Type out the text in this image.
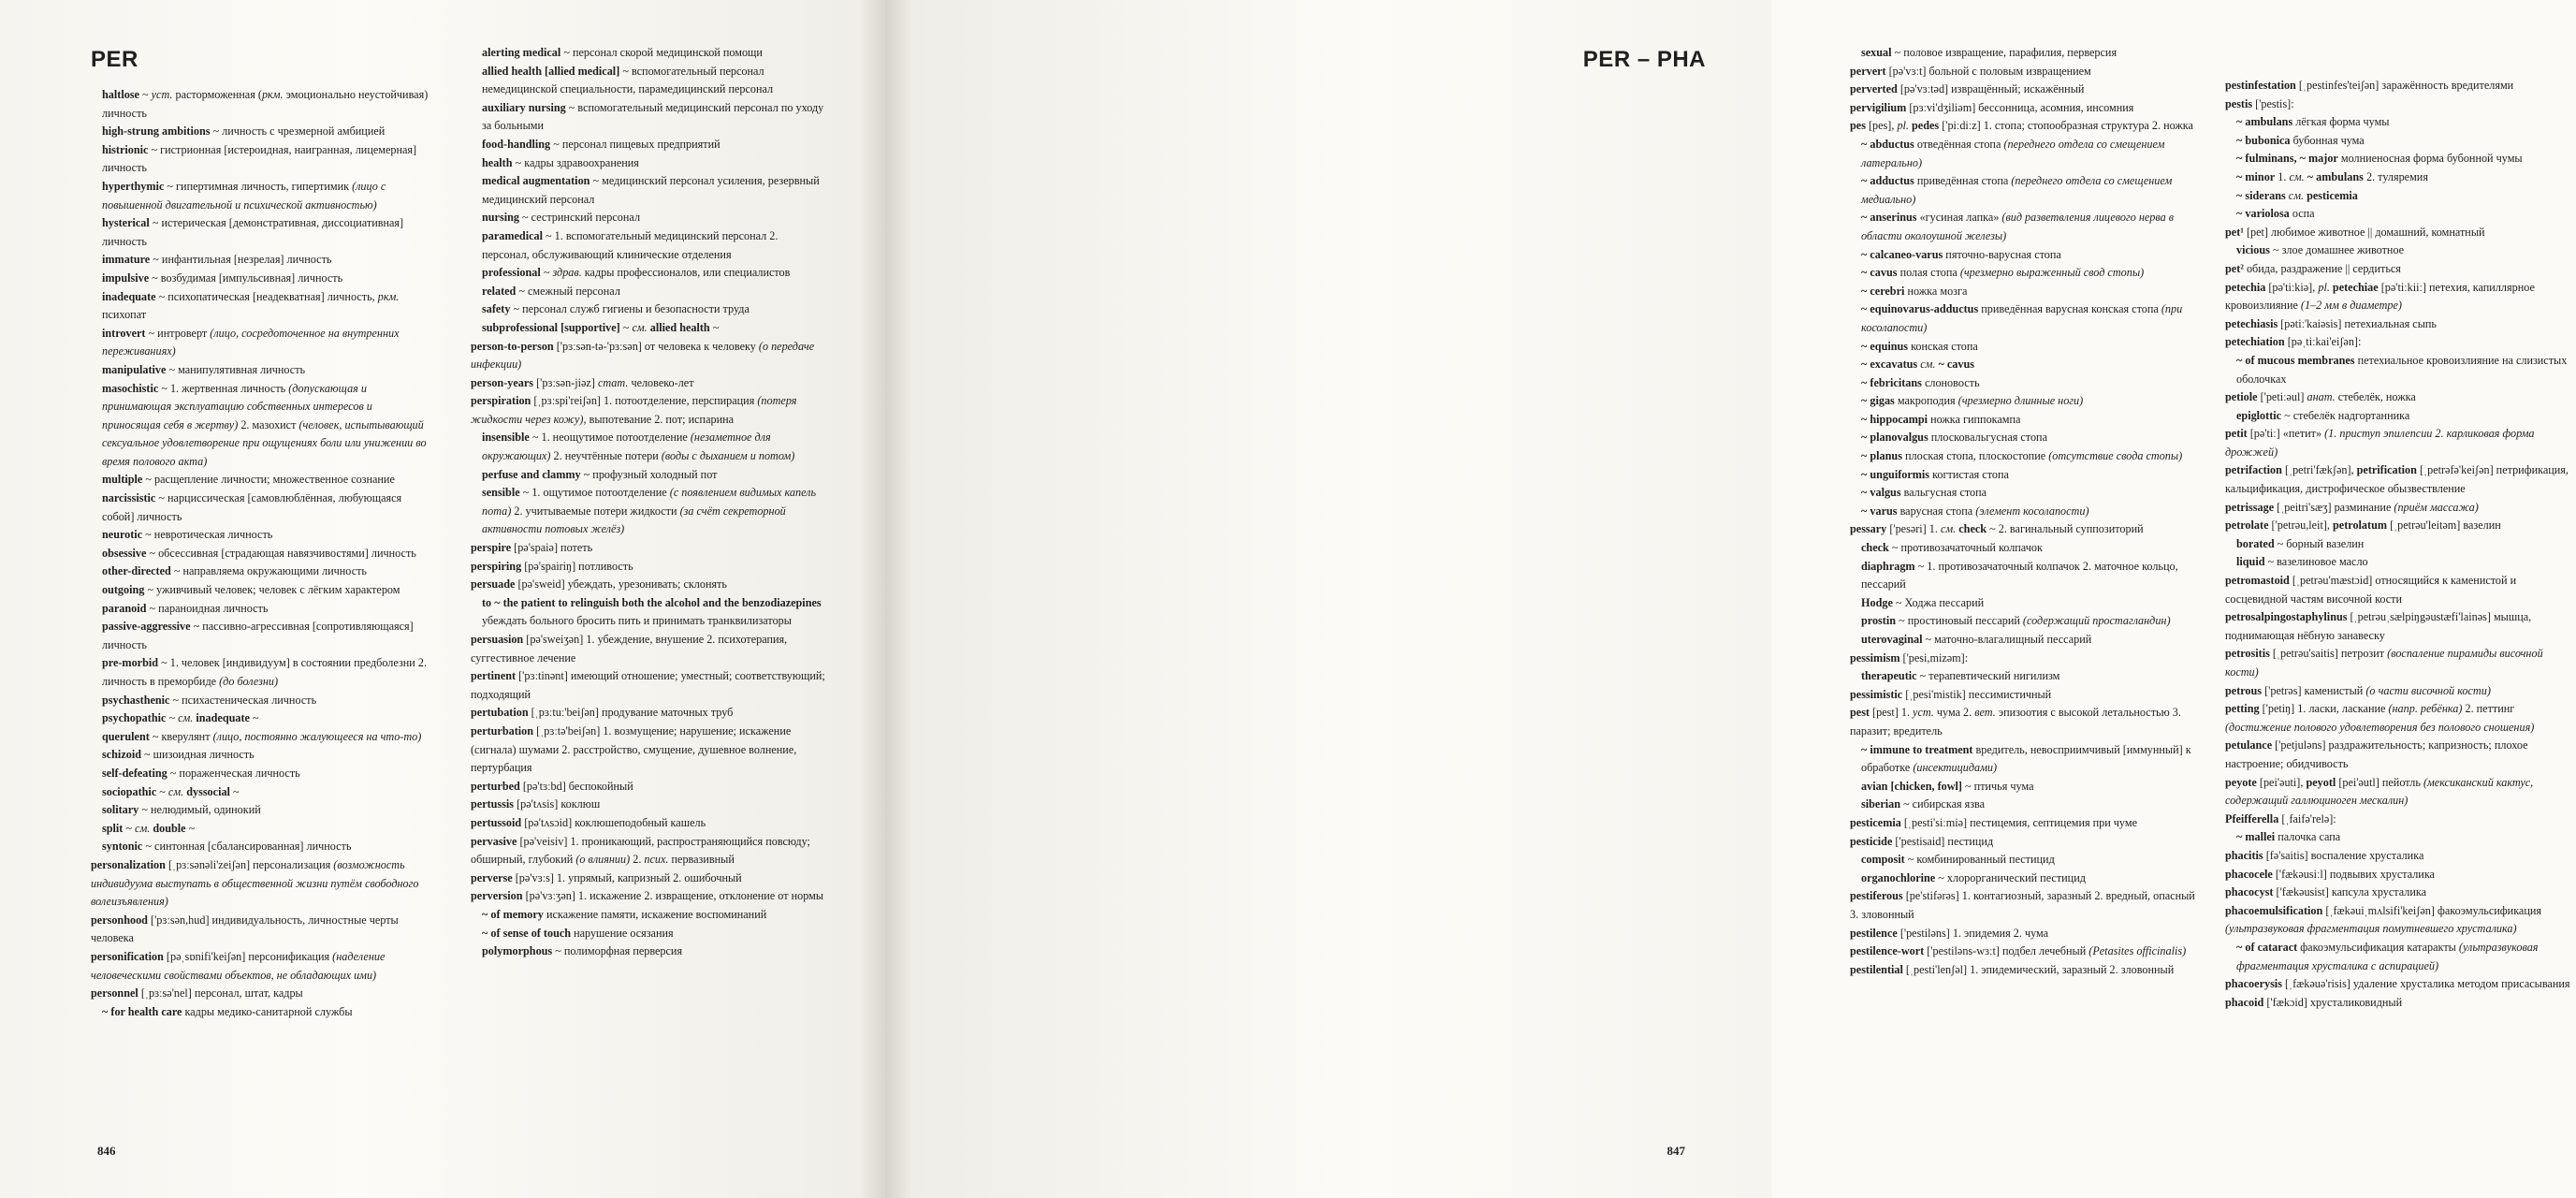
PER

haltlose ~ уст. расторможенная (ркм. эмоционально неустойчивая) личность

high-strung ambitions ~ личность с чрезмерной амбицией

histrionic ~ гистрионная [истероидная, наигранная, лицемерная] личность

hyperthymic ~ гипертимная личность, гипертимик (лицо с повышенной двигательной и психической активностью)

hysterical ~ истерическая [демонстративная, диссоциативная] личность

immature ~ инфантильная [незрелая] личность

impulsive ~ возбудимая [импульсивная] личность

inadequate ~ психопатическая [неадекватная] личность, ркм. психопат

introvert ~ интроверт (лицо, сосредоточенное на внутренних переживаниях)

manipulative ~ манипулятивная личность

masochistic ~ 1. жертвенная личность (допускающая и принимающая эксплуатацию собственных интересов и приносящая себя в жертву) 2. мазохист (человек, испытывающий сексуальное удовлетворение при ощущениях боли или унижении во время полового акта)

multiple ~ расщепление личности; множественное сознание

narcissistic ~ нарциссическая [самовлюблённая, любующаяся собой] личность

neurotic ~ невротическая личность

obsessive ~ обсессивная [страдающая навязчивостями] личность

other-directed ~ направляема окружающими личность

outgoing ~ уживчивый человек; человек с лёгким характером

paranoid ~ параноидная личность

passive-aggressive ~ пассивно-агрессивная [сопротивляющаяся] личность

pre-morbid ~ 1. человек [индивидуум] в состоянии предболезни 2. личность в преморбиде (до болезни)

psychasthenic ~ психастеническая личность

psychopathic ~ см. inadequate ~

querulent ~ кверулянт (лицо, постоянно жалующееся на что-то)

schizoid ~ шизоидная личность

self-defeating ~ пораженческая личность

sociopathic ~ см. dyssocial ~

solitary ~ нелюдимый, одинокий

split ~ см. double ~

syntonic ~ синтонная [сбалансированная] личность

personalization [ˌpɜːsənəli'zeiʃən] персонализация (возможность индивидуума выступать в общественной жизни путём свободного волеизъявления)

personhood ['pɜːsən,hud] индивидуальность, личностные черты человека

personification [pəˌsɒnifi'keiʃən] персонификация (наделение человеческими свойствами объектов, не обладающих ими)

personnel [ˌpɜːsə'nel] персонал, штат, кадры

~ for health care кадры медико-санитарной службы

alerting medical ~ персонал скорой медицинской помощи

allied health [allied medical] ~ вспомогательный персонал немедицинской специальности, парамедицинский персонал

auxiliary nursing ~ вспомогательный медицинский персонал по уходу за больными

food-handling ~ персонал пищевых предприятий

health ~ кадры здравоохранения

medical augmentation ~ медицинский персонал усиления, резервный медицинский персонал

nursing ~ сестринский персонал

paramedical ~ 1. вспомогательный медицинский персонал 2. персонал, обслуживающий клинические отделения

professional ~ здрав. кадры профессионалов, или специалистов

related ~ смежный персонал

safety ~ персонал служб гигиены и безопасности труда

subprofessional [supportive] ~ см. allied health ~

person-to-person ['pɜːsən-tə-'pɜːsən] от человека к человеку (о передаче инфекции)

person-years ['pɜːsən-jiəz] стат. человеко-лет

perspiration [ˌpɜːspi'reiʃən] 1. потоотделение, перспирация (потеря жидкости через кожу), выпотевание 2. пот; испарина

insensible ~ 1. неощутимое потоотделение (незаметное для окружающих) 2. неучтённые потери (воды с дыханием и потом)

perfuse and clammy ~ профузный холодный пот

sensible ~ 1. ощутимое потоотделение (с появлением видимых капель пота) 2. учитываемые потери жидкости (за счёт секреторной активности потовых желёз)

perspire [pə'spaiə] потеть

perspiring [pə'spairiŋ] потливость

persuade [pə'sweid] убеждать, урезонивать; склонять

to ~ the patient to relinguish both the alcohol and the benzodiazepines убеждать больного бросить пить и принимать транквилизаторы

persuasion [pə'sweiʒən] 1. убеждение, внушение 2. психотерапия, суггестивное лечение

pertinent ['pɜːtinənt] имеющий отношение; уместный; соответствующий; подходящий

pertubation [ˌpɜːtuː'beiʃən] продувание маточных труб

perturbation [ˌpɜːtə'beiʃən] 1. возмущение; нарушение; искажение (сигнала) шумами 2. расстройство, смущение, душевное волнение, пертурбация

perturbed [pə'tɜːbd] беспокойный

pertussis [pə'tʌsis] коклюш

pertussoid [pə'tʌsɔid] коклюшеподобный кашель

pervasive [pə'veisiv] 1. проникающий, распространяющийся повсюду; обширный, глубокий (о влиянии) 2. псих. первазивный

perverse [pə'vɜːs] 1. упрямый, капризный 2. ошибочный

perversion [pə'vɜːʒən] 1. искажение 2. извращение, отклонение от нормы

~ of memory искажение памяти, искажение воспоминаний

~ of sense of touch нарушение осязания

polymorphous ~ полиморфная перверсия

846
PER – PHA	sexual ~ половое извращение, парафилия, перверсия

pervert [pə'vɜːt] больной с половым извращением

perverted [pə'vɜːtəd] извращённый; искажённый

pervigilium [pɜːvi'dʒiliəm] бессонница, асомния, инсомния

pes [pes], pl. pedes ['piːdiːz] 1. стопа; стопообразная структура 2. ножка

~ abductus отведённая стопа (переднего отдела со смещением латерально)

~ adductus приведённая стопа (переднего отдела со смещением медиально)

~ anserinus «гусиная лапка» (вид разветвления лицевого нерва в области околоушной железы)

~ calcaneo-varus пяточно-варусная стопа

~ cavus полая стопа (чрезмерно выраженный свод стопы)

~ cerebri ножка мозга

~ equinovarus-adductus приведённая варусная конская стопа (при косолапости)

~ equinus конская стопа

~ excavatus см. ~ cavus

~ febricitans слоновость

~ gigas макроподия (чрезмерно длинные ноги)

~ hippocampi ножка гиппокампа

~ planovalgus плосковальгусная стопа

~ planus плоская стопа, плоскостопие (отсутствие свода стопы)

~ unguiformis когтистая стопа

~ valgus вальгусная стопа

~ varus варусная стопа (элемент косолапости)

pessary ['pesəri] 1. см. check ~ 2. вагинальный суппозиторий

check ~ противозачаточный колпачок

diaphragm ~ 1. противозачаточный колпачок 2. маточное кольцо, пессарий

Hodge ~ Ходжа пессарий

prostin ~ простиновый пессарий (содержащий простагландин)

uterovaginal ~ маточно-влагалищный пессарий

pessimism ['pesi,mizəm]:

therapeutic ~ терапевтический нигилизм

pessimistic [ˌpesi'mistik] пессимистичный

pest [pest] 1. уст. чума 2. вет. эпизоотия с высокой летальностью 3. паразит; вредитель

~ immune to treatment вредитель, невосприимчивый [иммунный] к обработке (инсектицидами)

avian [chicken, fowl] ~ птичья чума

siberian ~ сибирская язва

pesticemia [ˌpesti'siːmiə] пестицемия, септицемия при чуме

pesticide ['pestisaid] пестицид

composit ~ комбинированный пестицид

organochlorine ~ хлорорганический пестицид

pestiferous [pe'stifərəs] 1. контагиозный, заразный 2. вредный, опасный 3. зловонный

pestilence ['pestiləns] 1. эпидемия 2. чума

pestilence-wort ['pestiləns-wɜːt] подбел лечебный (Petasites officinalis)

pestilential [ˌpesti'lenʃəl] 1. эпидемический, заразный 2. зловонный

pestinfestation [ˌpestinfes'teiʃən] заражённость вредителями

pestis ['pestis]:

~ ambulans лёгкая форма чумы

~ bubonica бубонная чума

~ fulminans, ~ major молниеносная форма бубонной чумы

~ minor 1. см. ~ ambulans 2. туляремия

~ siderans см. pesticemia

~ variolosa оспа

pet¹ [pet] любимое животное || домашний, комнатный

vicious ~ злое домашнее животное

pet² обида, раздражение || сердиться

petechia [pə'tiːkiə], pl. petechiae [pə'tiːkiiː] петехия, капиллярное кровоизлияние (1–2 мм в диаметре)

petechiasis [pətiː'kaiəsis] петехиальная сыпь

petechiation [pəˌtiːkai'eiʃən]:

~ of mucous membranes петехиальное кровоизлияние на слизистых оболочках

petiole ['petiːəul] анат. стебелёк, ножка

epiglottic ~ стебелёк надгортанника

petit [pə'tiː] «петит» (1. приступ эпилепсии 2. карликовая форма дрожжей)

petrifaction [ˌpetri'fækʃən], petrification [ˌpetrəfə'keiʃən] петрификация, кальцификация, дистрофическое обызвествление

petrissage [ˌpeitri'sæʒ] разминание (приём массажа)

petrolate ['petrəu,leit], petrolatum [ˌpetrəu'leitəm] вазелин

borated ~ борный вазелин

liquid ~ вазелиновое масло

petromastoid [ˌpetrəu'mæstɔid] относящийся к каменистой и сосцевидной частям височной кости

petrosalpingostaphylinus [ˌpetrəuˌsælpiŋgəustæfi'lainəs] мышца, поднимающая нёбную занавеску

petrositis [ˌpetrəu'saitis] петрозит (воспаление пирамиды височной кости)

petrous ['petrəs] каменистый (о части височной кости)

petting ['petiŋ] 1. ласки, ласкание (напр. ребёнка) 2. петтинг (достижение полового удовлетворения без полового сношения)

petulance ['petjuləns] раздражительность; капризность; плохое настроение; обидчивость

peyote [pei'əuti], peyotl [pei'əutl] пейотль (мексиканский кактус, содержащий галлюциноген мескалин)

Pfeifferella [ˌfaifə'relə]:

~ mallei палочка сапа

phacitis [fə'saitis] воспаление хрусталика

phacocele ['fækəusiːl] подвывих хрусталика

phacocyst ['fækəusist] капсула хрусталика

phacoemulsification [ˌfækəuiˌmʌlsifi'keiʃən] факоэмульсификация (ультразвуковая фрагментация помутневшего хрусталика)

~ of cataract факоэмульсификация катаракты (ультразвуковая фрагментация хрусталика с аспирацией)

phacoerysis [ˌfækəuə'risis] удаление хрусталика методом присасывания

phacoid ['fækɔid] хрусталиковидный

847
